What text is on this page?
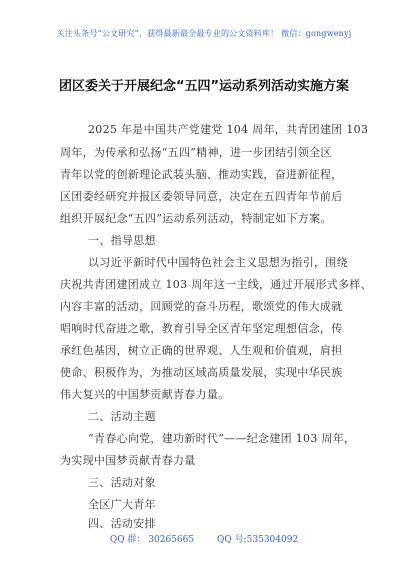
关注头条号“公文研究”，获得最新最全最专业的公文资料库！ 微信：gongwenyj
团区委关于开展纪念“五四”运动系列活动实施方案
2025 年是中国共产党建党 104 周年，共青团建团 103
周年，为传承和弘扬“五四”精神，进一步团结引领全区
青年以党的创新理论武装头脑、推动实践，奋进新征程，
区团委经研究并报区委领导同意，决定在五四青年节前后
组织开展纪念“五四”运动系列活动，特制定如下方案。
一、指导思想
以习近平新时代中国特色社会主义思想为指引，围绕
庆祝共青团建团成立 103 周年这一主线，通过开展形式多样、
内容丰富的活动，回顾党的奋斗历程，歌颂党的伟大成就
唱响时代奋进之歌，教育引导全区青年坚定理想信念，传
承红色基因，树立正确的世界观、人生观和价值观，肩担
使命、积极作为，为推动区域高质量发展，实现中华民族
伟大复兴的中国梦贡献青春力量。
二、活动主题
“青春心向党，建功新时代”——纪念建团 103 周年，
为实现中国梦贡献青春力量
三、活动对象
全区广大青年
四、活动安排
QQ 群： 30265665	QQ 号:535304092
